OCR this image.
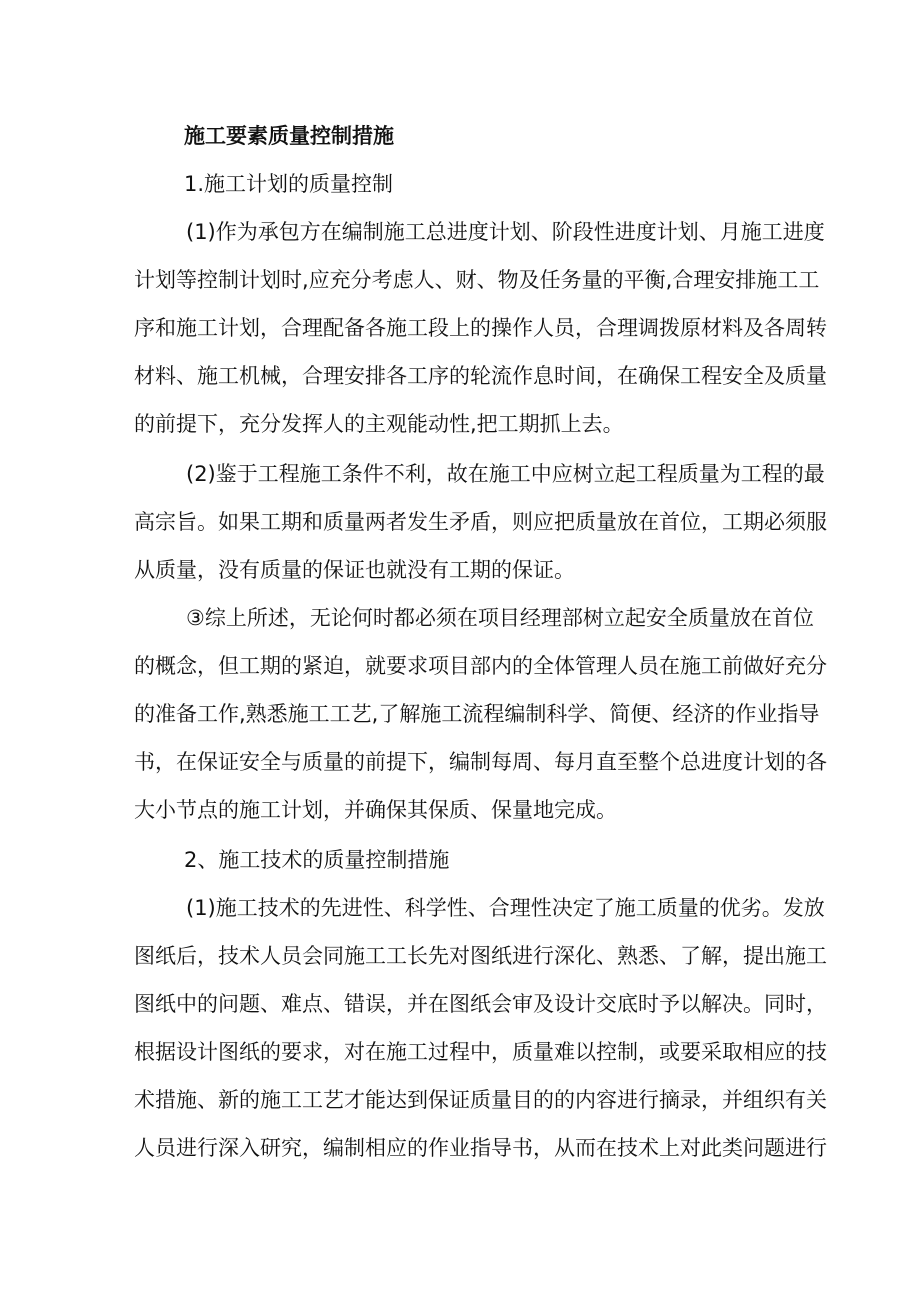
施工要素质量控制措施
1.施工计划的质量控制
(1)作为承包方在编制施工总进度计划、阶段性进度计划、月施工进度
计划等控制计划时,应充分考虑人、财、物及任务量的平衡,合理安排施工工
序和施工计划，合理配备各施工段上的操作人员，合理调拨原材料及各周转
材料、施工机械，合理安排各工序的轮流作息时间，在确保工程安全及质量
的前提下，充分发挥人的主观能动性,把工期抓上去。
(2)鉴于工程施工条件不利，故在施工中应树立起工程质量为工程的最
高宗旨。如果工期和质量两者发生矛盾，则应把质量放在首位，工期必须服
从质量，没有质量的保证也就没有工期的保证。
③综上所述，无论何时都必须在项目经理部树立起安全质量放在首位
的概念，但工期的紧迫，就要求项目部内的全体管理人员在施工前做好充分
的准备工作,熟悉施工工艺,了解施工流程编制科学、简便、经济的作业指导
书，在保证安全与质量的前提下，编制每周、每月直至整个总进度计划的各
大小节点的施工计划，并确保其保质、保量地完成。
2、施工技术的质量控制措施
(1)施工技术的先进性、科学性、合理性决定了施工质量的优劣。发放
图纸后，技术人员会同施工工长先对图纸进行深化、熟悉、了解，提出施工
图纸中的问题、难点、错误，并在图纸会审及设计交底时予以解决。同时，
根据设计图纸的要求，对在施工过程中，质量难以控制，或要采取相应的技
术措施、新的施工工艺才能达到保证质量目的的内容进行摘录，并组织有关
人员进行深入研究，编制相应的作业指导书，从而在技术上对此类问题进行
